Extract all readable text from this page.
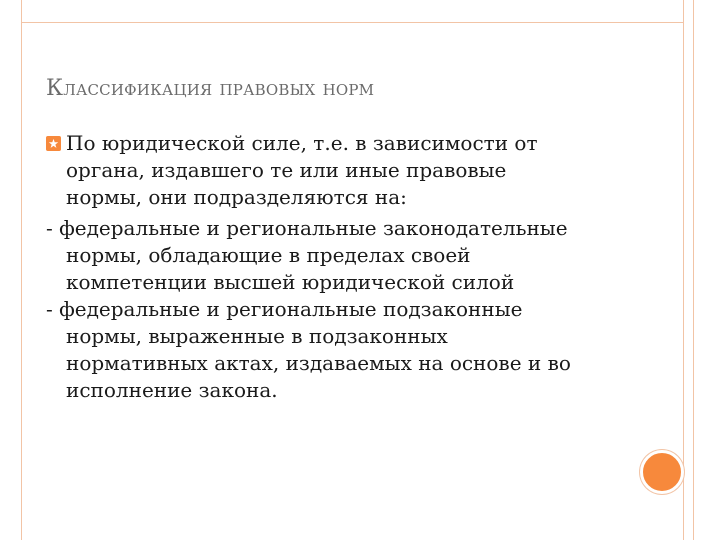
Классификация правовых норм
По юридической силе, т.е. в зависимости от
органа, издавшего те или иные правовые
нормы, они подразделяются на:
- федеральные и региональные законодательные
нормы, обладающие в пределах своей
компетенции высшей юридической силой
- федеральные и региональные подзаконные
нормы, выраженные в подзаконных
нормативных актах, издаваемых на основе и во
исполнение закона.
